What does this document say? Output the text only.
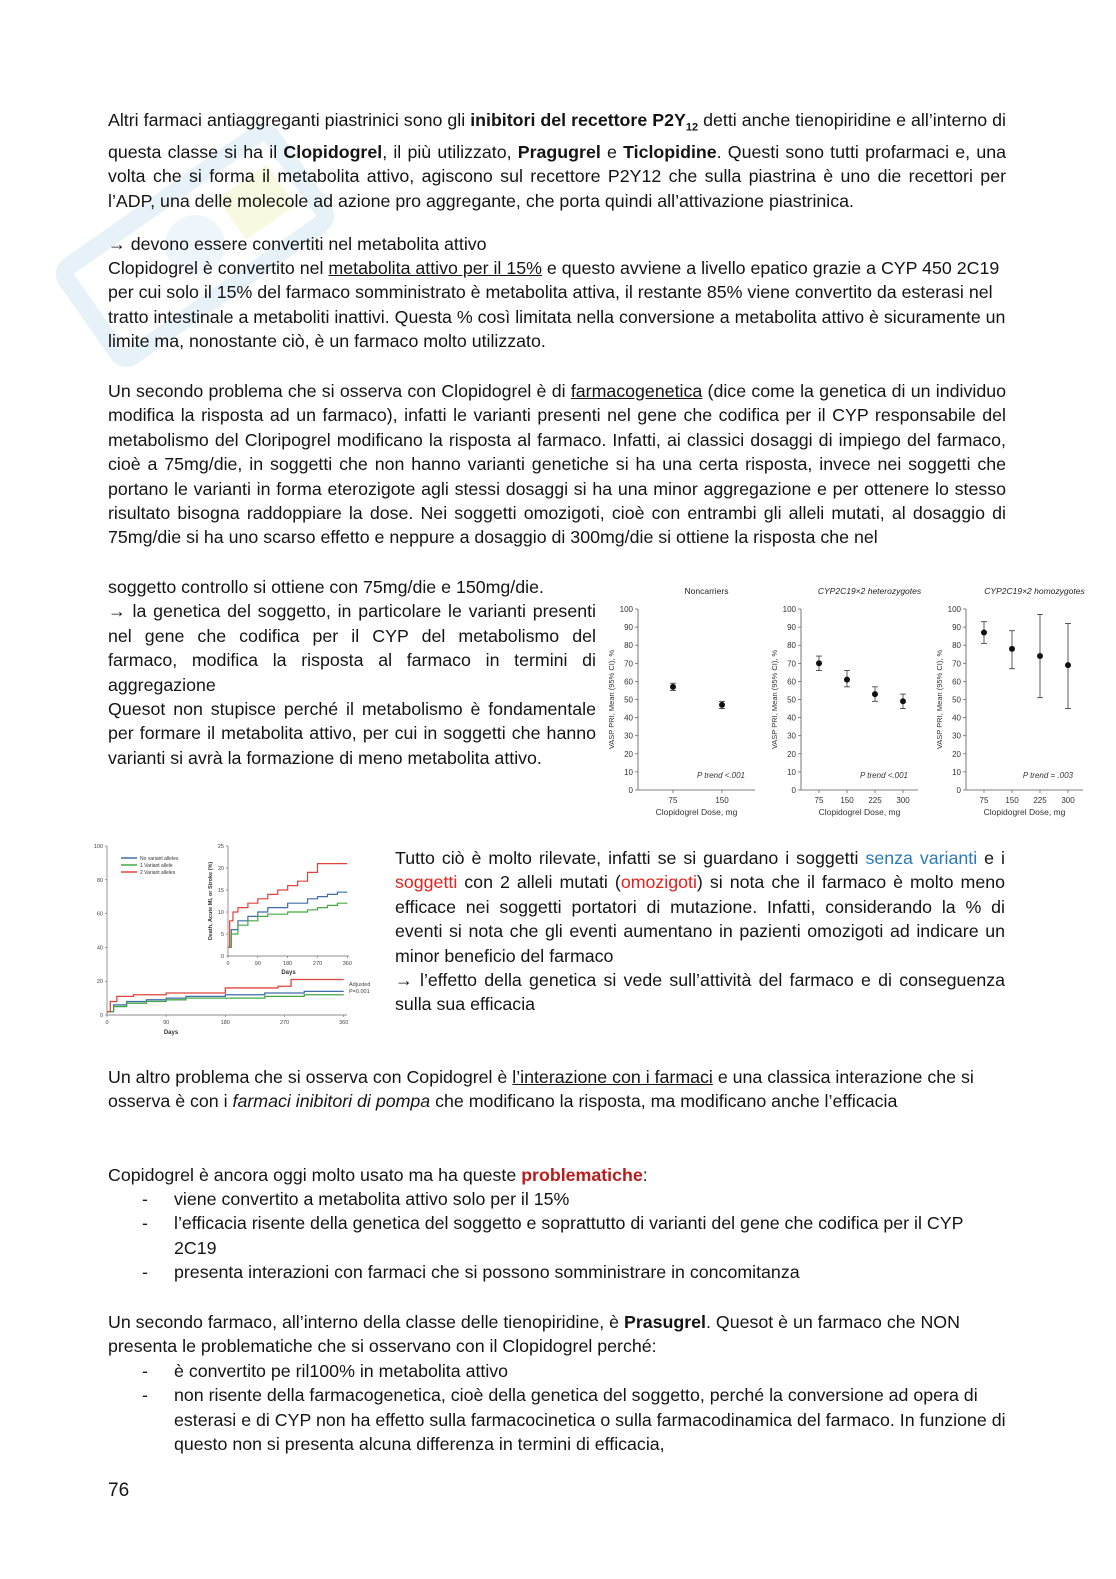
Altri farmaci antiaggreganti piastrinici sono gli inibitori del recettore $P2Y_{12}$ detti anche tienopiridine e all’interno di questa classe si ha il Clopidogrel, il più utilizzato, Pragugrel e Ticlopidine. Questi sono tutti profarmaci e, una volta che si forma il metabolita attivo, agiscono sul recettore P2Y12 che sulla piastrina è uno die recettori per l’ADP, una delle molecole ad azione pro aggregante, che porta quindi all’attivazione piastrinica.

→ devono essere convertiti nel metabolita attivo

Clopidogrel è convertito nel metabolita attivo per il 15% e questo avviene a livello epatico grazie a CYP 450 2C19 per cui solo il 15% del farmaco somministrato è metabolita attiva, il restante 85% viene convertito da esterasi nel tratto intestinale a metaboliti inattivi. Questa % così limitata nella conversione a metabolita attivo è sicuramente un limite ma, nonostante ciò, è un farmaco molto utilizzato.

Un secondo problema che si osserva con Clopidogrel è di farmacogenetica (dice come la genetica di un individuo modifica la risposta ad un farmaco), infatti le varianti presenti nel gene che codifica per il CYP responsabile del metabolismo del Cloripogrel modificano la risposta al farmaco. Infatti, ai classici dosaggi di impiego del farmaco, cioè a 75mg/die, in soggetti che non hanno varianti genetiche si ha una certa risposta, invece nei soggetti che portano le varianti in forma eterozigote agli stessi dosaggi si ha una minor aggregazione e per ottenere lo stesso risultato bisogna raddoppiare la dose. Nei soggetti omozigoti, cioè con entrambi gli alleli mutati, al dosaggio di 75mg/die si ha uno scarso effetto e neppure a dosaggio di 300mg/die si ottiene la risposta che nel

soggetto controllo si ottiene con 75mg/die e 150mg/die.
→ la genetica del soggetto, in particolare le varianti presenti nel gene che codifica per il CYP del metabolismo del farmaco, modifica la risposta al farmaco in termini di aggregazione
Quesot non stupisce perché il metabolismo è fondamentale per formare il metabolita attivo, per cui in soggetti che hanno varianti si avrà la formazione di meno metabolita attivo.
Noncarriers
0
10
20
30
40
50
60
70
80
90
100
75	150
P trend <.001
Clopidogrel Dose, mg
VASP PRI, Mean (95% CI), %
CYP2C19×2 heterozygotes
0
10
20
30
40
50
60
70
80
90
100
75 150 225 300
P trend <.001
Clopidogrel Dose, mg
VASP PRI, Mean (95% CI), %
CYP2C19×2 homozygotes
0
10
20
30
40
50
60
70
80
90
100
75 150 225 300
P trend = .003
Clopidogrel Dose, mg
VASP PRI, Mean (95% CI), %
0
20
40
60
80
100
0	90	180	270	360
Days
Adjusted
P=0.001
No variant alleles
1 Variant allele
2 Variant alleles
0
5
10
15
20
25
0	90	180	270	360
Days
Death, Acute MI, or Stroke (%)

Tutto ciò è molto rilevate, infatti se si guardano i soggetti senza varianti e i soggetti con 2 alleli mutati (omozigoti) si nota che il farmaco è molto meno efficace nei soggetti portatori di mutazione. Infatti, considerando la % di eventi si nota che gli eventi aumentano in pazienti omozigoti ad indicare un minor beneficio del farmaco
→ l’effetto della genetica si vede sull’attività del farmaco e di conseguenza sulla sua efficacia

Un altro problema che si osserva con Copidogrel è l’interazione con i farmaci e una classica interazione che si osserva è con i farmaci inibitori di pompa che modificano la risposta, ma modificano anche l’efficacia

Copidogrel è ancora oggi molto usato ma ha queste problematiche:

- viene convertito a metabolita attivo solo per il 15%
- l’efficacia risente della genetica del soggetto e soprattutto di varianti del gene che codifica per il CYP 2C19
- presenta interazioni con farmaci che si possono somministrare in concomitanza

Un secondo farmaco, all’interno della classe delle tienopiridine, è Prasugrel. Quesot è un farmaco che NON presenta le problematiche che si osservano con il Clopidogrel perché:

- è convertito pe ril100% in metabolita attivo
- non risente della farmacogenetica, cioè della genetica del soggetto, perché la conversione ad opera di esterasi e di CYP non ha effetto sulla farmacocinetica o sulla farmacodinamica del farmaco. In funzione di questo non si presenta alcuna differenza in termini di efficacia,
76
